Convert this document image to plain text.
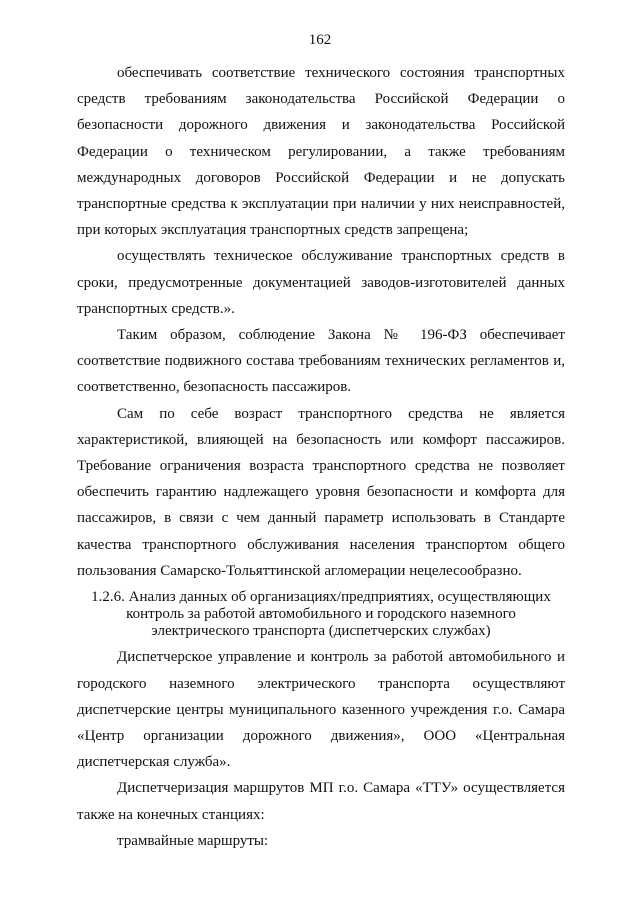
162

обеспечивать соответствие технического состояния транспортных средств требованиям законодательства Российской Федерации о безопасности дорожного движения и законодательства Российской Федерации о техническом регулировании, а также требованиям международных договоров Российской Федерации и не допускать транспортные средства к эксплуатации при наличии у них неисправностей, при которых эксплуатация транспортных средств запрещена;

осуществлять техническое обслуживание транспортных средств в сроки, предусмотренные документацией заводов-изготовителей данных транспортных средств.».

Таким образом, соблюдение Закона № 196-ФЗ обеспечивает соответствие подвижного состава требованиям технических регламентов и, соответственно, безопасность пассажиров.

Сам по себе возраст транспортного средства не является характеристикой, влияющей на безопасность или комфорт пассажиров. Требование ограничения возраста транспортного средства не позволяет обеспечить гарантию надлежащего уровня безопасности и комфорта для пассажиров, в связи с чем данный параметр использовать в Стандарте качества транспортного обслуживания населения транспортом общего пользования Самарско-Тольяттинской агломерации нецелесообразно.

1.2.6. Анализ данных об организациях/предприятиях, осуществляющих контроль за работой автомобильного и городского наземного электрического транспорта (диспетчерских службах)

Диспетчерское управление и контроль за работой автомобильного и городского наземного электрического транспорта осуществляют диспетчерские центры муниципального казенного учреждения г.о. Самара «Центр организации дорожного движения», ООО «Центральная диспетчерская служба».

Диспетчеризация маршрутов МП г.о. Самара «ТТУ» осуществляется также на конечных станциях:

трамвайные маршруты:
